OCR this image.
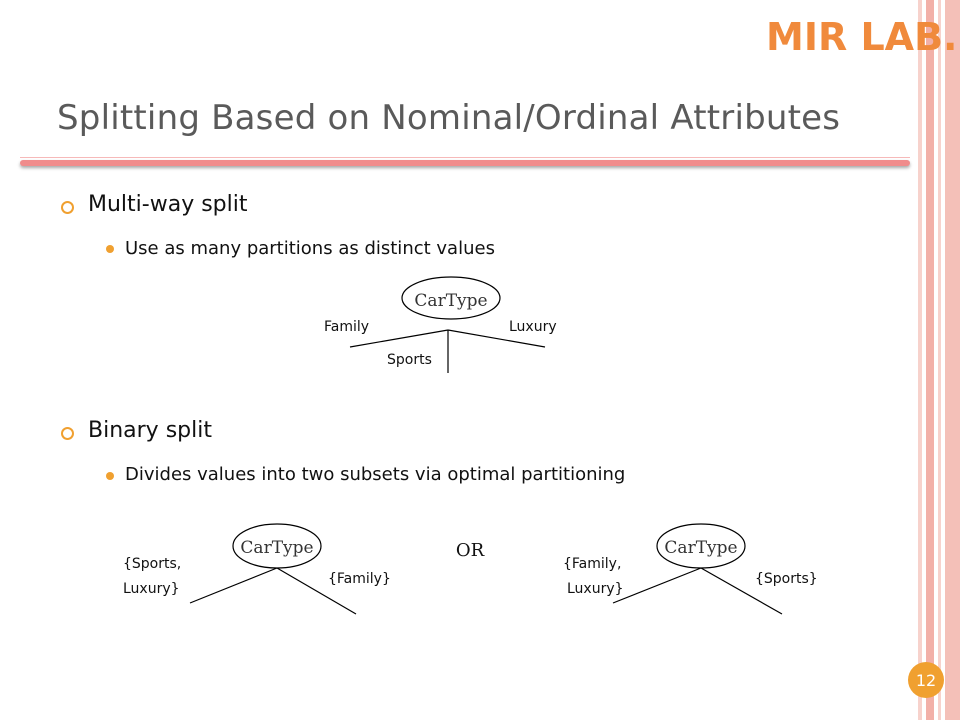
MIR LAB.
Splitting Based on Nominal/Ordinal Attributes
Multi-way split
Use as many partitions as distinct values
Binary split
Divides values into two subsets via optimal partitioning
CarType
Family
Sports
Luxury
CarType
{Sports,
Luxury}
{Family}
OR	CarType
{Family,
Luxury}
{Sports}
12
